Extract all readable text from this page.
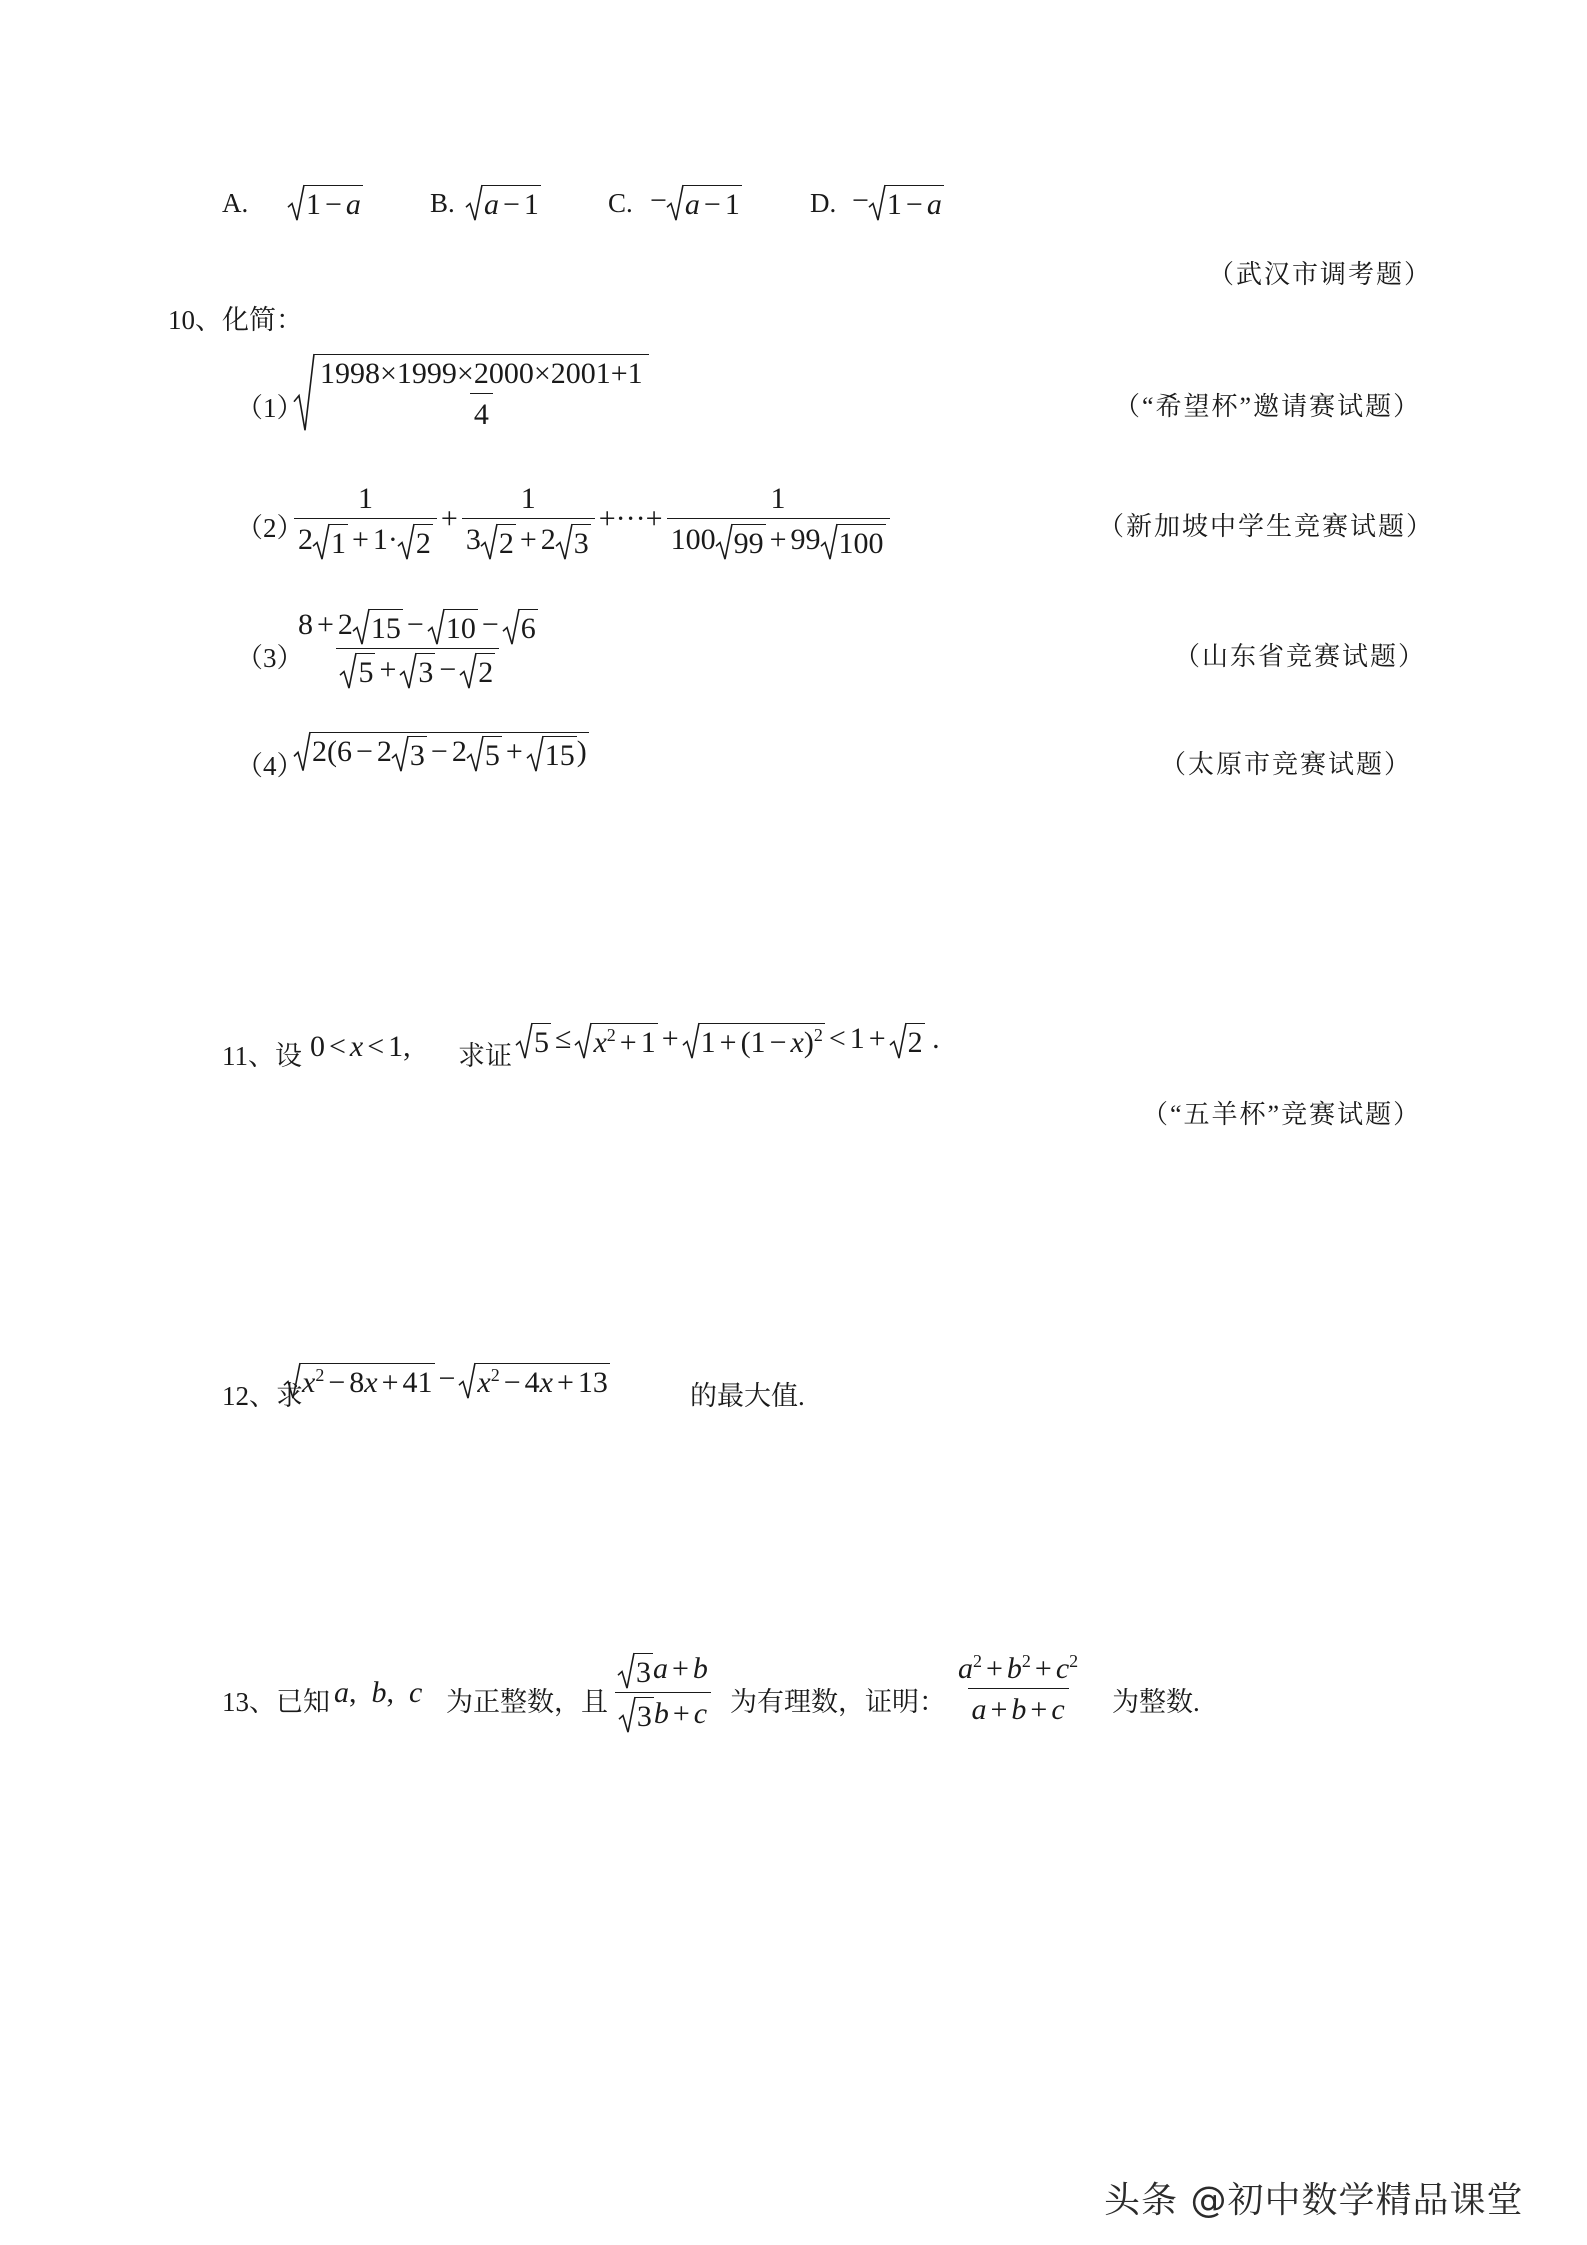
A. 1 − a	B. a − 1	C. − a − 1	D. − 1 − a
（武汉市调考题）
10、化简：
$(1) \frac{1998\times 1999\times 2000\times 2001+1}{4}$	（“希望杯”邀请赛试题）
（2）
$\frac{1}{2 1 + 1\cdot 2} + \frac{1}{3 2 + 2 3}$ +···+ $\frac{1}{100 99 + 99 100}$	（新加坡中学生竞赛试题）
（3）
$\frac{8 + 2 15 - 10 - 6}{5 + 3 - 2}$	（山东省竞赛试题）
（4） 2(6 − 2 3 − 2 5 + 15 )	（太原市竞赛试题）
11、设 0 < x < 1, 求证 $5 \le x^2 + 1 + 1 + (1 - x)^2 < 1 + 2$ .
（“五羊杯”竞赛试题）
12、求 $x^2 - 8x + 41 - x^2 - 4x + 13$	的最大值.
13、已知 a,  b,  c 为正整数，且 $\frac{3 a + b}{3 b + c}$ 为有理数，证明： $\frac{a^2 + b^2 + c^2}{a + b + c}$ 为整数.
头条 @初中数学精品课堂
